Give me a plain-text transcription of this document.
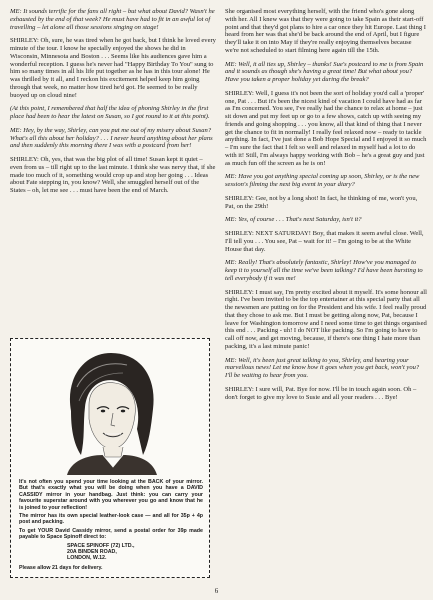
ME: It sounds terrific for the fans all right – but what about David? Wasn't he exhausted by the end of that week? He must have had to fit in an awful lot of travelling – let alone all those sessions singing on stage!

SHIRLEY: Oh, sure, he was tired when he got back, but I think he loved every minute of the tour. I know he specially enjoyed the shows he did in Wisconsin, Minnesota and Boston . . . Seems like his audiences gave him a wonderful reception. I guess he's never had "Happy Birthday To You" sung to him so many times in all his life put together as he has in this tour alone! He was thrilled by it all, and I reckon his excitement helped keep him going through that week, no matter how tired he'd got. He seemed to be really buoyed up on cloud nine!

(At this point, I remembered that half the idea of phoning Shirley in the first place had been to hear the latest on Susan, so I got round to it at this point).

ME: Hey, by the way, Shirley, can you put me out of my misery about Susan? What's all this about her holiday? . . . I never heard anything about her plans and then suddenly this morning there I was with a postcard from her!

SHIRLEY: Oh, yes, that was the big plot of all time! Susan kept it quiet – even from us – till right up to the last minute. I think she was nervy that, if she made too much of it, something would crop up and stop her going . . . Ideas about Fate stepping in, you know? Well, she smuggled herself out of the States – oh, let me see . . . must have been the end of March.

She organised most everything herself, with the friend who's gone along with her. All I knew was that they were going to take Spain as their start-off point and that they'd got plans to hire a car once they hit Europe. Last thing I heard from her was that she'd be back around the end of April, but I figure they'll take it on into May if they're really enjoying themselves because we're not scheduled to start filming here again till the 15th.

ME: Well, it all ties up, Shirley – thanks! Sue's postcard to me is from Spain and it sounds as though she's having a great time! But what about you? Have you taken a proper holiday yet during the break?

SHIRLEY: Well, I guess it's not been the sort of holiday you'd call a 'proper' one, Pat . . . But it's been the nicest kind of vacation I could have had as far as I'm concerned. You see, I've really had the chance to relax at home – just sit down and put my feet up or go to a few shows, catch up with seeing my friends and going shopping . . . you know, all that kind of thing that I never get the chance to fit in normally! I really feel relaxed now – ready to tackle anything. In fact, I've just done a Bob Hope Special and I enjoyed it so much – I'm sure the fact that I felt so well and relaxed in myself had a lot to do with it! Still, I'm always happy working with Bob – he's a great guy and just as much fun off the screen as he is on!

ME: Have you got anything special coming up soon, Shirley, or is the new session's filming the next big event in your diary?

SHIRLEY: Gee, not by a long shot! In fact, he thinking of me, won't you, Pat, on the 29th!

ME: Yes, of course . . . That's next Saturday, isn't it?

SHIRLEY: NEXT SATURDAY! Boy, that makes it seem awful close. Well, I'll tell you . . . You see, Pat – wait for it! – I'm going to be at the White House that day.

ME: Really! That's absolutely fantastic, Shirley! How've you managed to keep it to yourself all the time we've been talking? I'd have been bursting to tell everybody if it was me!

SHIRLEY: I must say, I'm pretty excited about it myself. It's some honour all right. I've been invited to be the top entertainer at this special party that all the newsmen are putting on for the President and his wife. I feel really proud that they chose to ask me. But I must be getting along now, Pat, because I leave for Washington tomorrow and I need some time to get things organised this end . . . Packing - uh! I do NOT like packing. So I'm going to have to call off now, and get moving, because, if there's one thing I hate more than packing, it's a last minute panic!

ME: Well, it's been just great talking to you, Shirley, and hearing your marvellous news! Let me know how it goes when you get back, won't you? I'll be waiting to hear from you.

SHIRLEY: I sure will, Pat. Bye for now. I'll be in touch again soon. Oh – don't forget to give my love to Susie and all your readers . . . Bye!

It's not often you spend your time looking at the BACK of your mirror. But that's exactly what you will be doing when you have a DAVID CASSIDY mirror in your handbag. Just think: you can carry your favourite superstar around with you wherever you go and know that he is joined to your reflection!

The mirror has its own special leather-look case — and all for 35p + 4p post and packing.

To get YOUR David Cassidy mirror, send a postal order for 39p made payable to Space Spinoff direct to:

SPACE SPINOFF (72) LTD.,
20A BINDEN ROAD,
LONDON, W.12.
Please allow 21 days for delivery.
6
